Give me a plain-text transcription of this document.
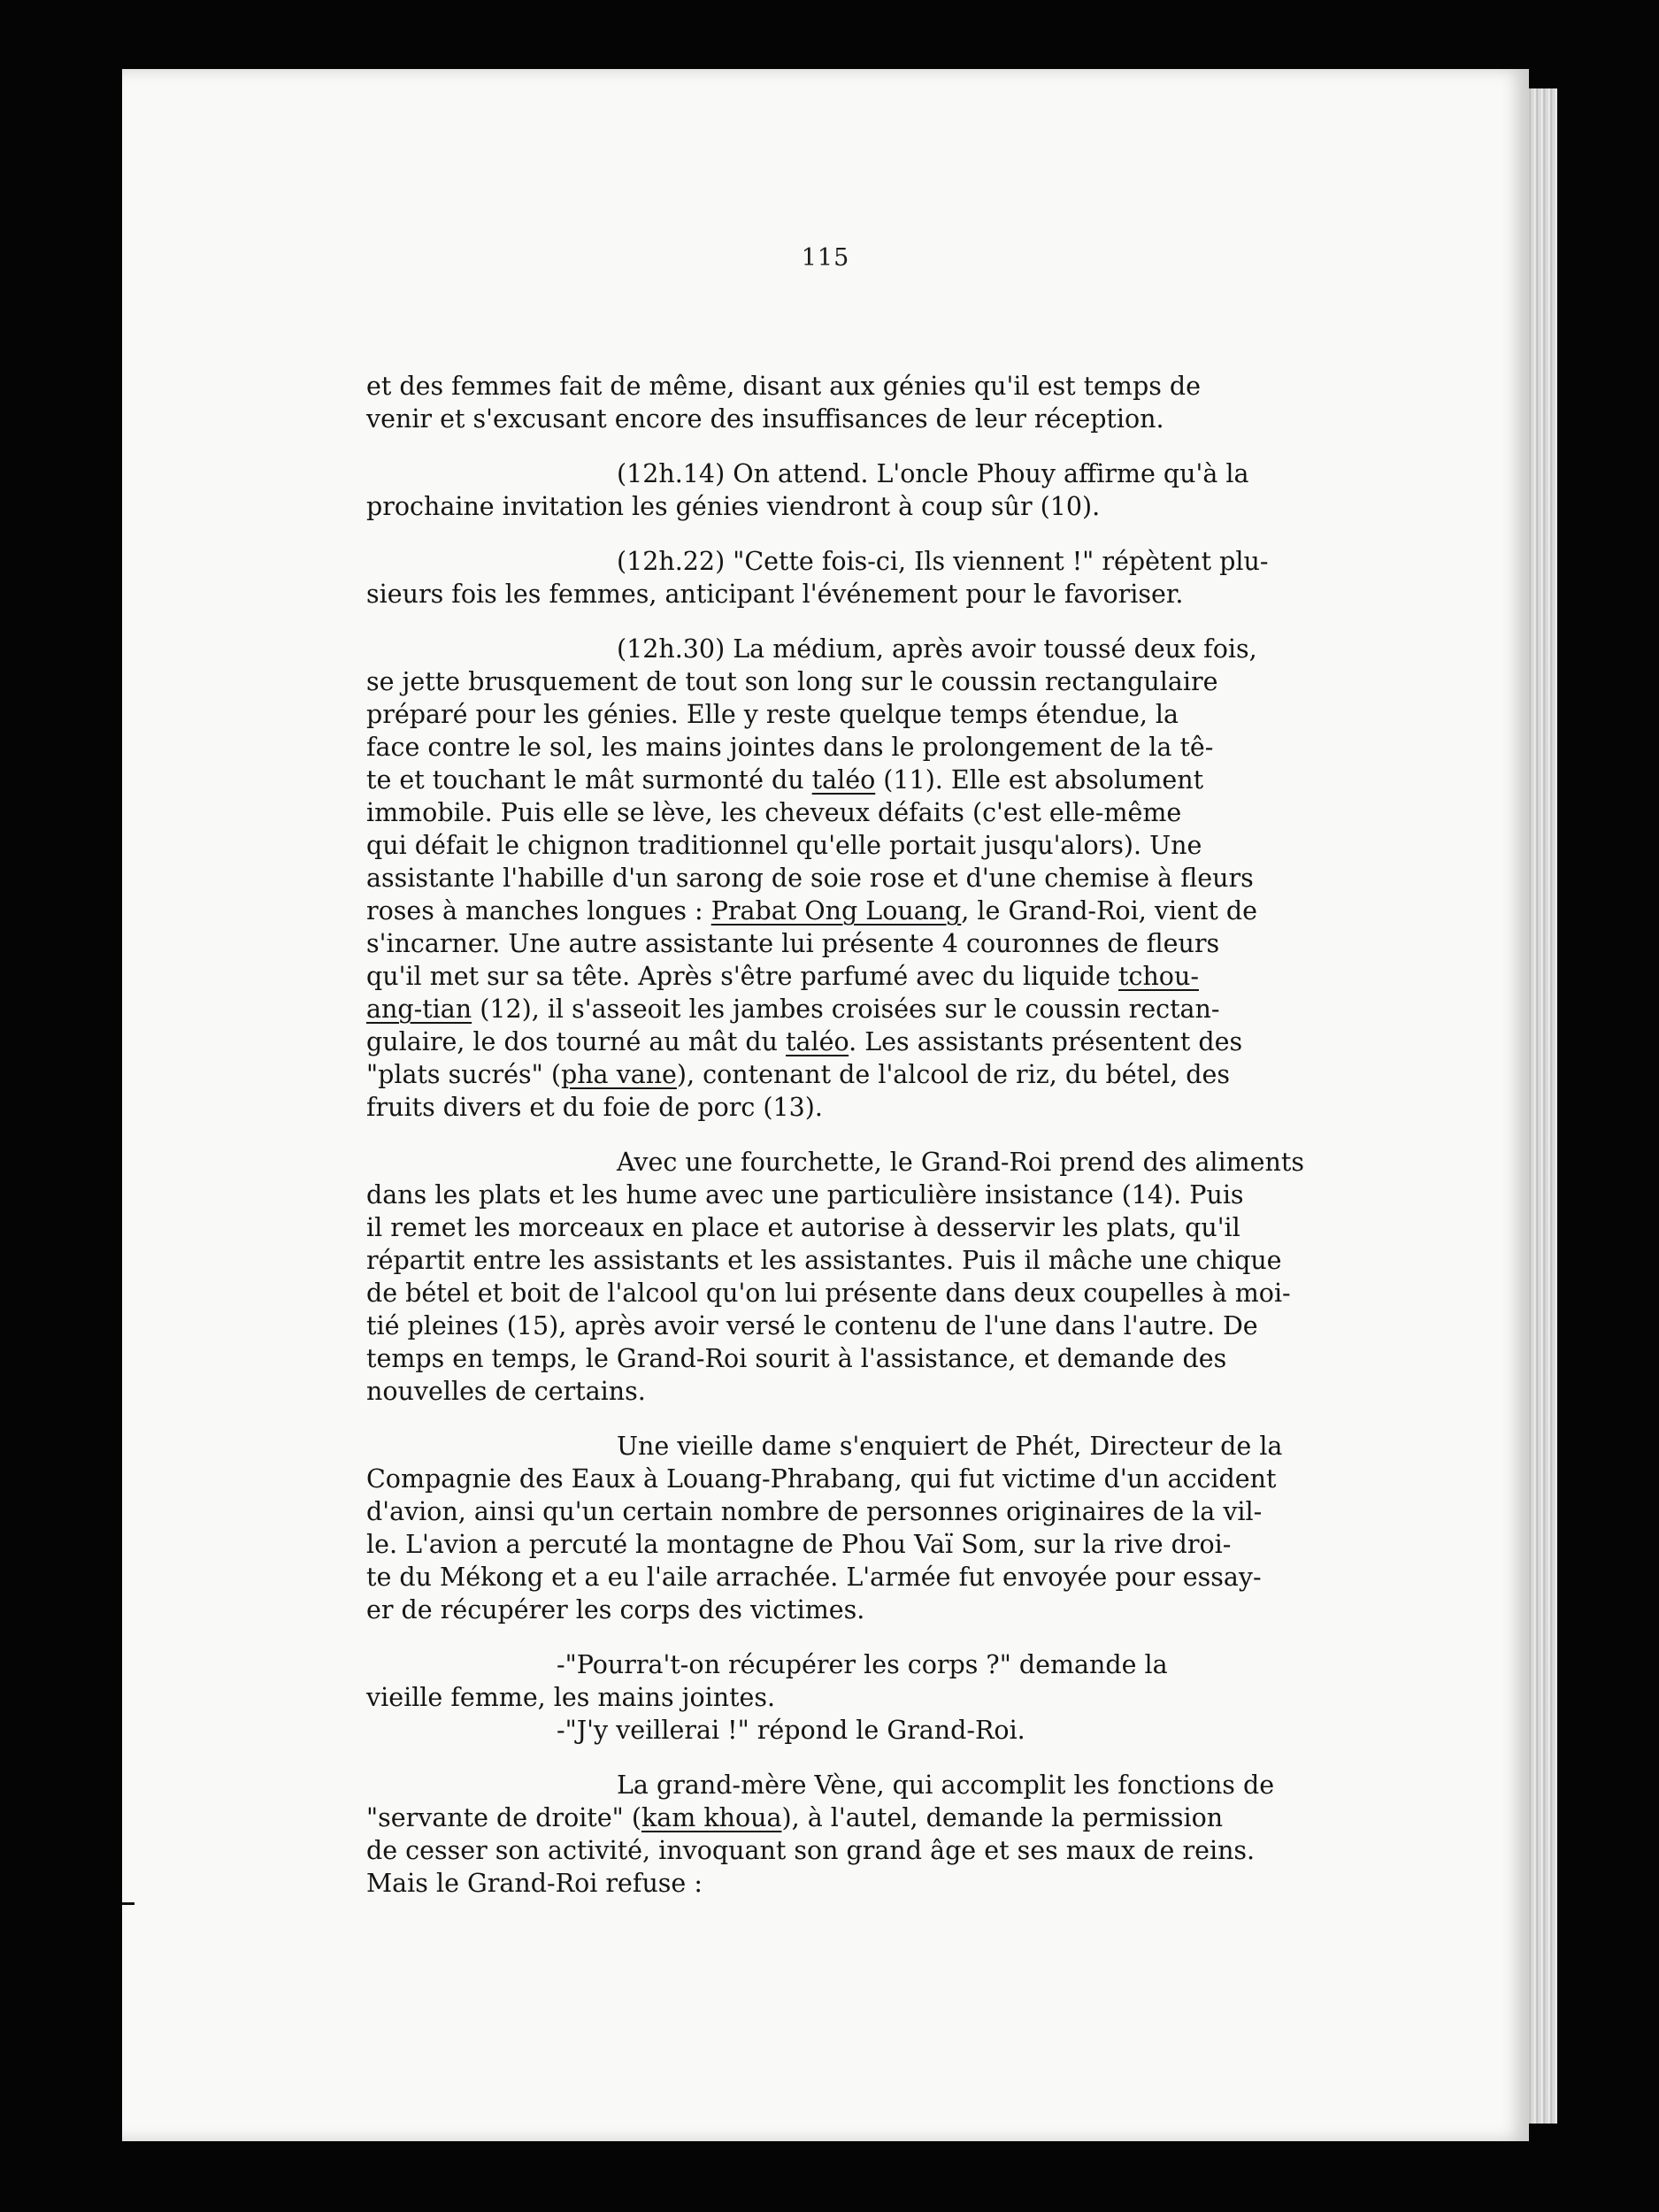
115
et des femmes fait de même, disant aux génies qu'il est temps de
venir et s'excusant encore des insuffisances de leur réception.
(12h.14) On attend. L'oncle Phouy affirme qu'à la
prochaine invitation les génies viendront à coup sûr (10).
(12h.22) "Cette fois-ci, Ils viennent !" répètent plu-
sieurs fois les femmes, anticipant l'événement pour le favoriser.
(12h.30) La médium, après avoir toussé deux fois,
se jette brusquement de tout son long sur le coussin rectangulaire
préparé pour les génies. Elle y reste quelque temps étendue, la
face contre le sol, les mains jointes dans le prolongement de la tê-
te et touchant le mât surmonté du taléo (11). Elle est absolument
immobile. Puis elle se lève, les cheveux défaits (c'est elle-même
qui défait le chignon traditionnel qu'elle portait jusqu'alors). Une
assistante l'habille d'un sarong de soie rose et d'une chemise à fleurs
roses à manches longues : Prabat Ong Louang, le Grand-Roi, vient de
s'incarner. Une autre assistante lui présente 4 couronnes de fleurs
qu'il met sur sa tête. Après s'être parfumé avec du liquide tchou-
ang-tian (12), il s'asseoit les jambes croisées sur le coussin rectan-
gulaire, le dos tourné au mât du taléo. Les assistants présentent des
"plats sucrés" (pha vane), contenant de l'alcool de riz, du bétel, des
fruits divers et du foie de porc (13).
Avec une fourchette, le Grand-Roi prend des aliments
dans les plats et les hume avec une particulière insistance (14). Puis
il remet les morceaux en place et autorise à desservir les plats, qu'il
répartit entre les assistants et les assistantes. Puis il mâche une chique
de bétel et boit de l'alcool qu'on lui présente dans deux coupelles à moi-
tié pleines (15), après avoir versé le contenu de l'une dans l'autre. De
temps en temps, le Grand-Roi sourit à l'assistance, et demande des
nouvelles de certains.
Une vieille dame s'enquiert de Phét, Directeur de la
Compagnie des Eaux à Louang-Phrabang, qui fut victime d'un accident
d'avion, ainsi qu'un certain nombre de personnes originaires de la vil-
le. L'avion a percuté la montagne de Phou Vaï Som, sur la rive droi-
te du Mékong et a eu l'aile arrachée. L'armée fut envoyée pour essay-
er de récupérer les corps des victimes.
-"Pourra't-on récupérer les corps ?" demande la
vieille femme, les mains jointes.
-"J'y veillerai !" répond le Grand-Roi.
La grand-mère Vène, qui accomplit les fonctions de
"servante de droite" (kam khoua), à l'autel, demande la permission
de cesser son activité, invoquant son grand âge et ses maux de reins.
Mais le Grand-Roi refuse :
